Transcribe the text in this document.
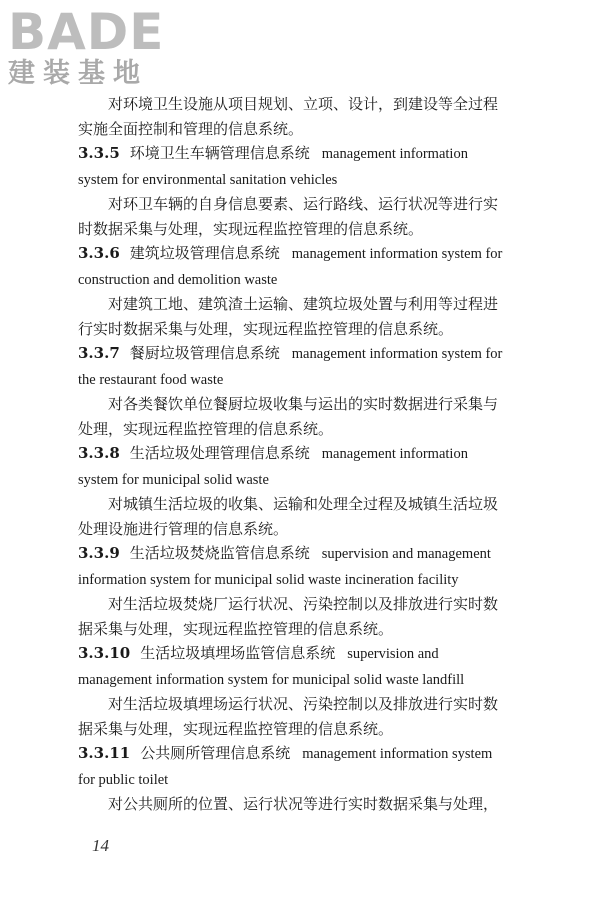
BADE
建装基地

对环境卫生设施从项目规划、立项、设计，到建设等全过程实施全面控制和管理的信息系统。

3.3.5 环境卫生车辆管理信息系统 management information system for environmental sanitation vehicles

对环卫车辆的自身信息要素、运行路线、运行状况等进行实时数据采集与处理，实现远程监控管理的信息系统。

3.3.6 建筑垃圾管理信息系统 management information system for construction and demolition waste

对建筑工地、建筑渣土运输、建筑垃圾处置与利用等过程进行实时数据采集与处理，实现远程监控管理的信息系统。

3.3.7 餐厨垃圾管理信息系统 management information system for the restaurant food waste

对各类餐饮单位餐厨垃圾收集与运出的实时数据进行采集与处理，实现远程监控管理的信息系统。

3.3.8 生活垃圾处理管理信息系统 management information system for municipal solid waste

对城镇生活垃圾的收集、运输和处理全过程及城镇生活垃圾处理设施进行管理的信息系统。

3.3.9 生活垃圾焚烧监管信息系统 supervision and management information system for municipal solid waste incineration facility

对生活垃圾焚烧厂运行状况、污染控制以及排放进行实时数据采集与处理，实现远程监控管理的信息系统。

3.3.10 生活垃圾填埋场监管信息系统 supervision and management information system for municipal solid waste landfill

对生活垃圾填埋场运行状况、污染控制以及排放进行实时数据采集与处理，实现远程监控管理的信息系统。

3.3.11 公共厕所管理信息系统 management information system for public toilet

对公共厕所的位置、运行状况等进行实时数据采集与处理，

14
